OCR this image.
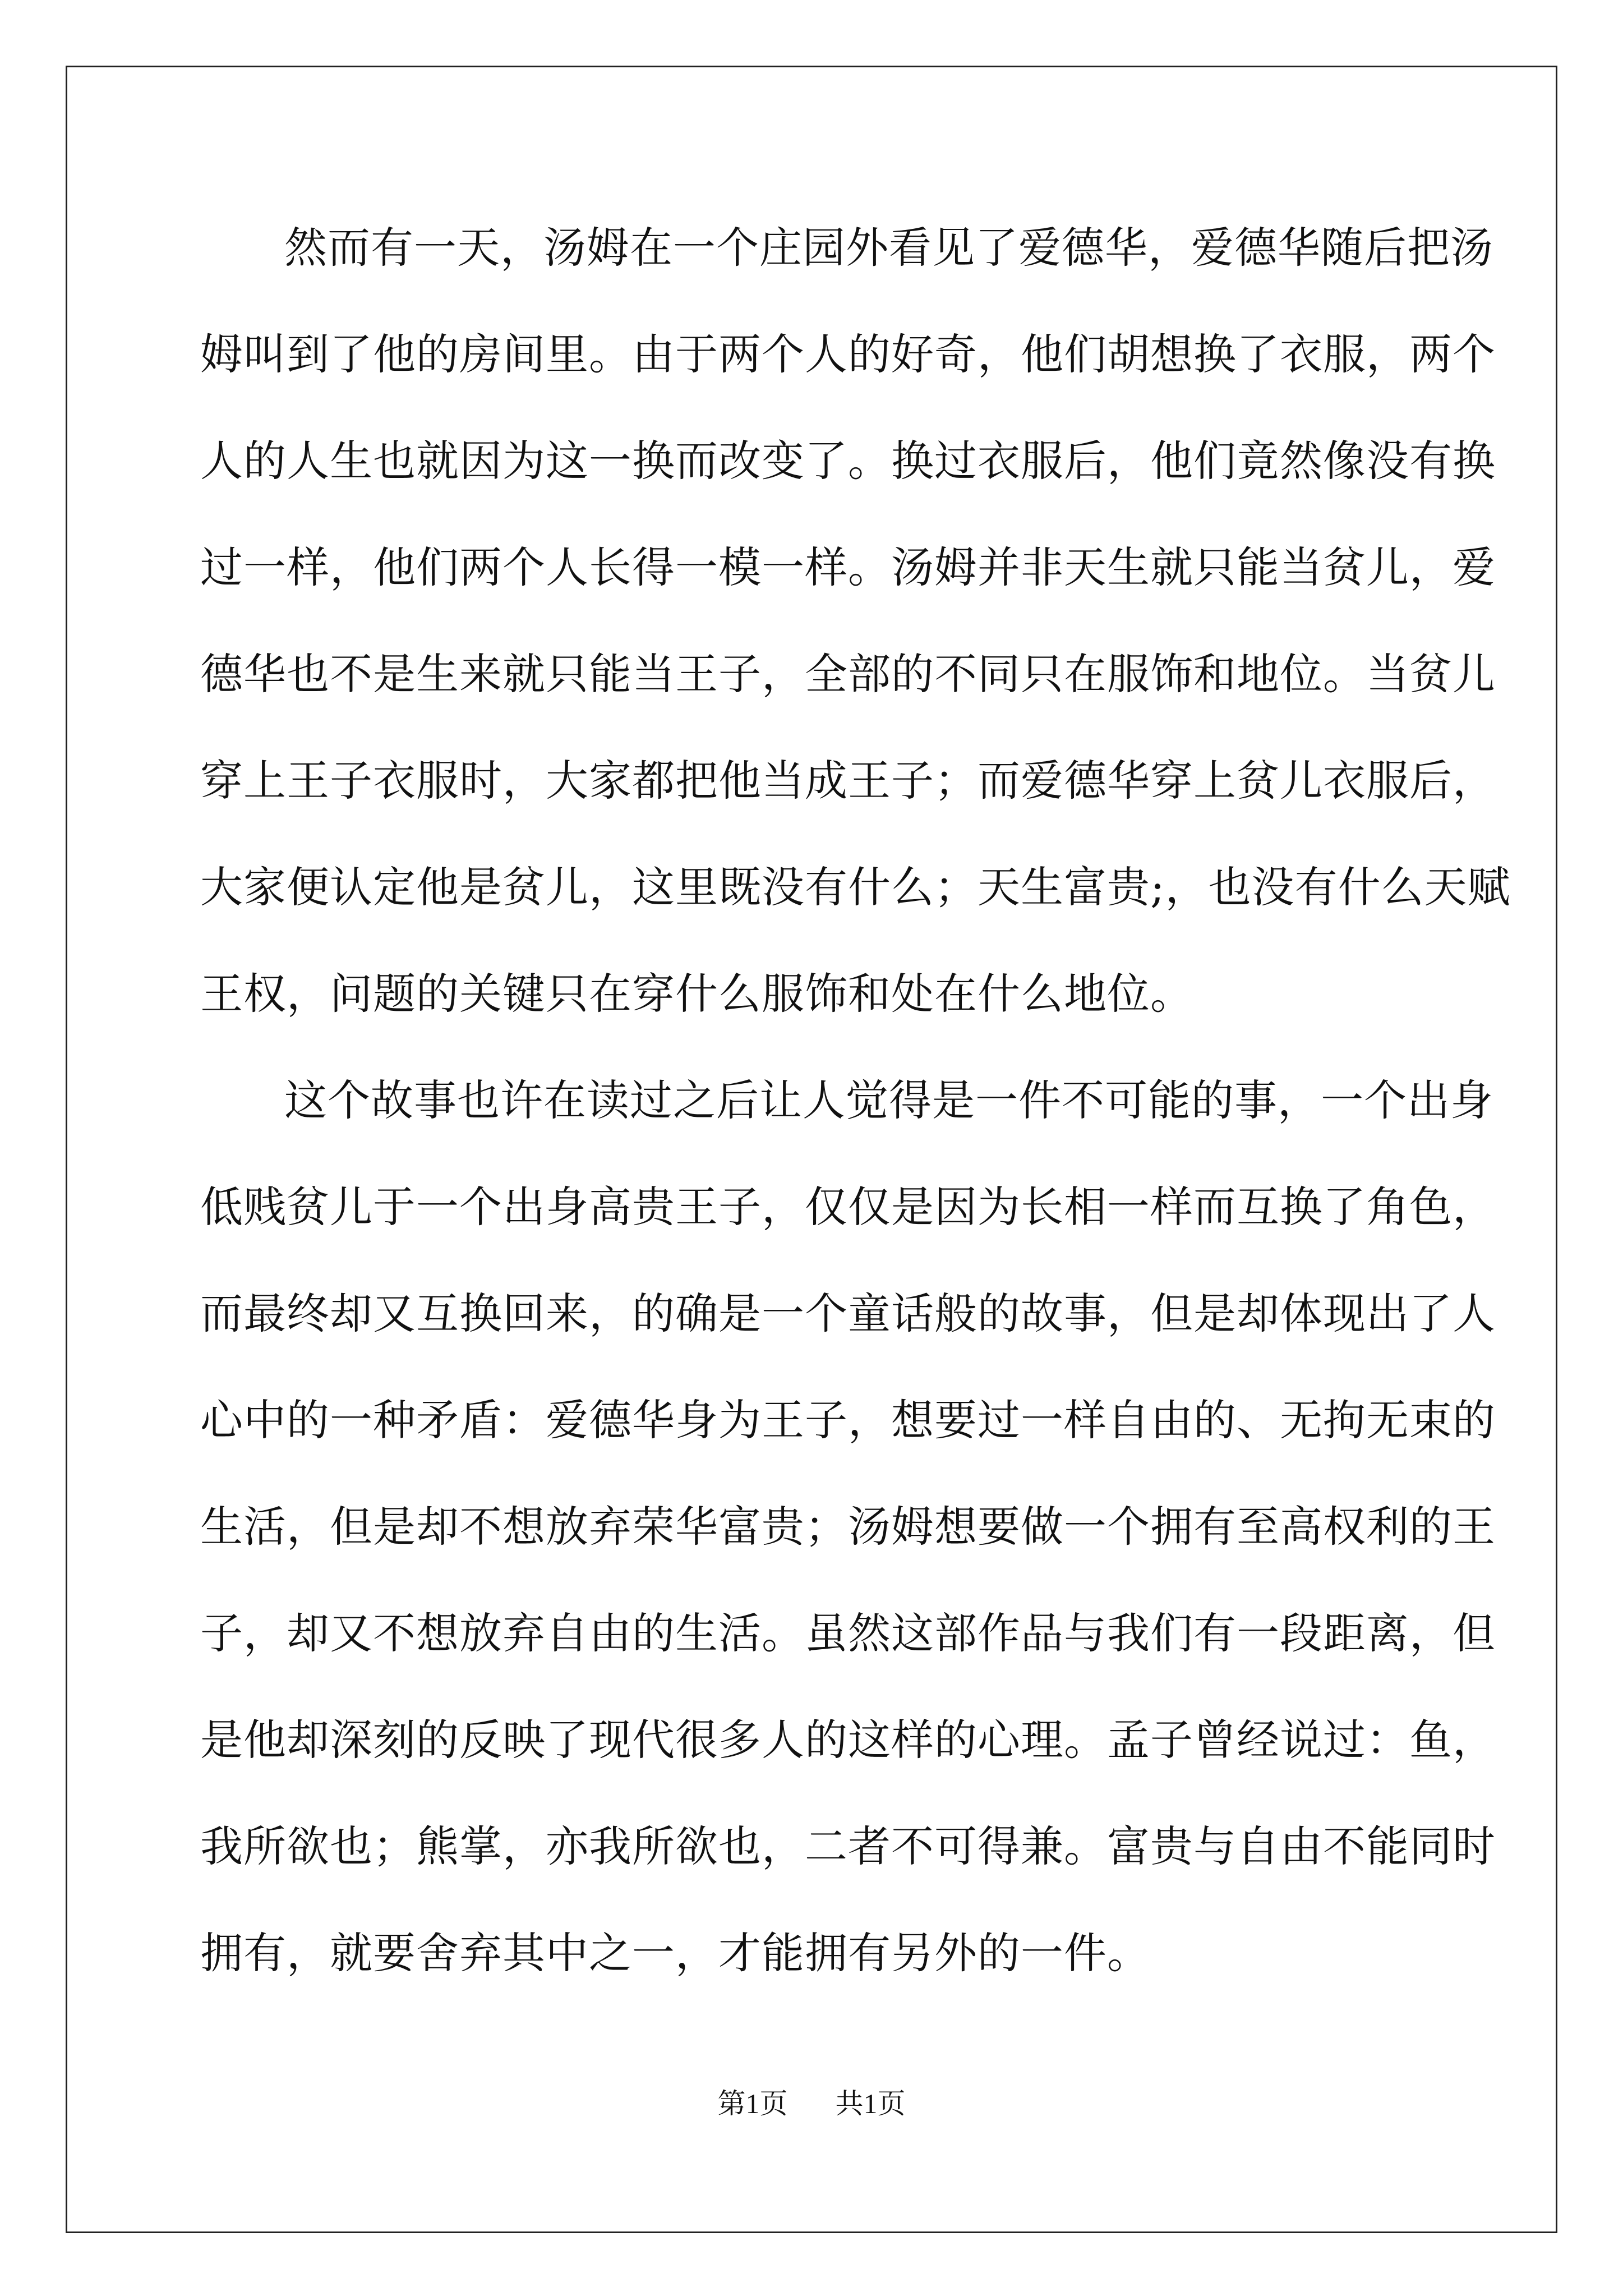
然而有一天，汤姆在一个庄园外看见了爱德华，爱德华随后把汤
姆叫到了他的房间里。由于两个人的好奇，他们胡想换了衣服，两个
人的人生也就因为这一换而改变了。换过衣服后，他们竟然像没有换
过一样，他们两个人长得一模一样。汤姆并非天生就只能当贫儿，爱
德华也不是生来就只能当王子，全部的不同只在服饰和地位。当贫儿
穿上王子衣服时，大家都把他当成王子；而爱德华穿上贫儿衣服后，
大家便认定他是贫儿，这里既没有什么；天生富贵;，也没有什么天赋
王权，问题的关键只在穿什么服饰和处在什么地位。
这个故事也许在读过之后让人觉得是一件不可能的事，一个出身
低贱贫儿于一个出身高贵王子，仅仅是因为长相一样而互换了角色，
而最终却又互换回来，的确是一个童话般的故事，但是却体现出了人
心中的一种矛盾：爱德华身为王子，想要过一样自由的、无拘无束的
生活，但是却不想放弃荣华富贵；汤姆想要做一个拥有至高权利的王
子，却又不想放弃自由的生活。虽然这部作品与我们有一段距离，但
是他却深刻的反映了现代很多人的这样的心理。孟子曾经说过：鱼，
我所欲也；熊掌，亦我所欲也，二者不可得兼。富贵与自由不能同时
拥有，就要舍弃其中之一，才能拥有另外的一件。
第1页 共1页
